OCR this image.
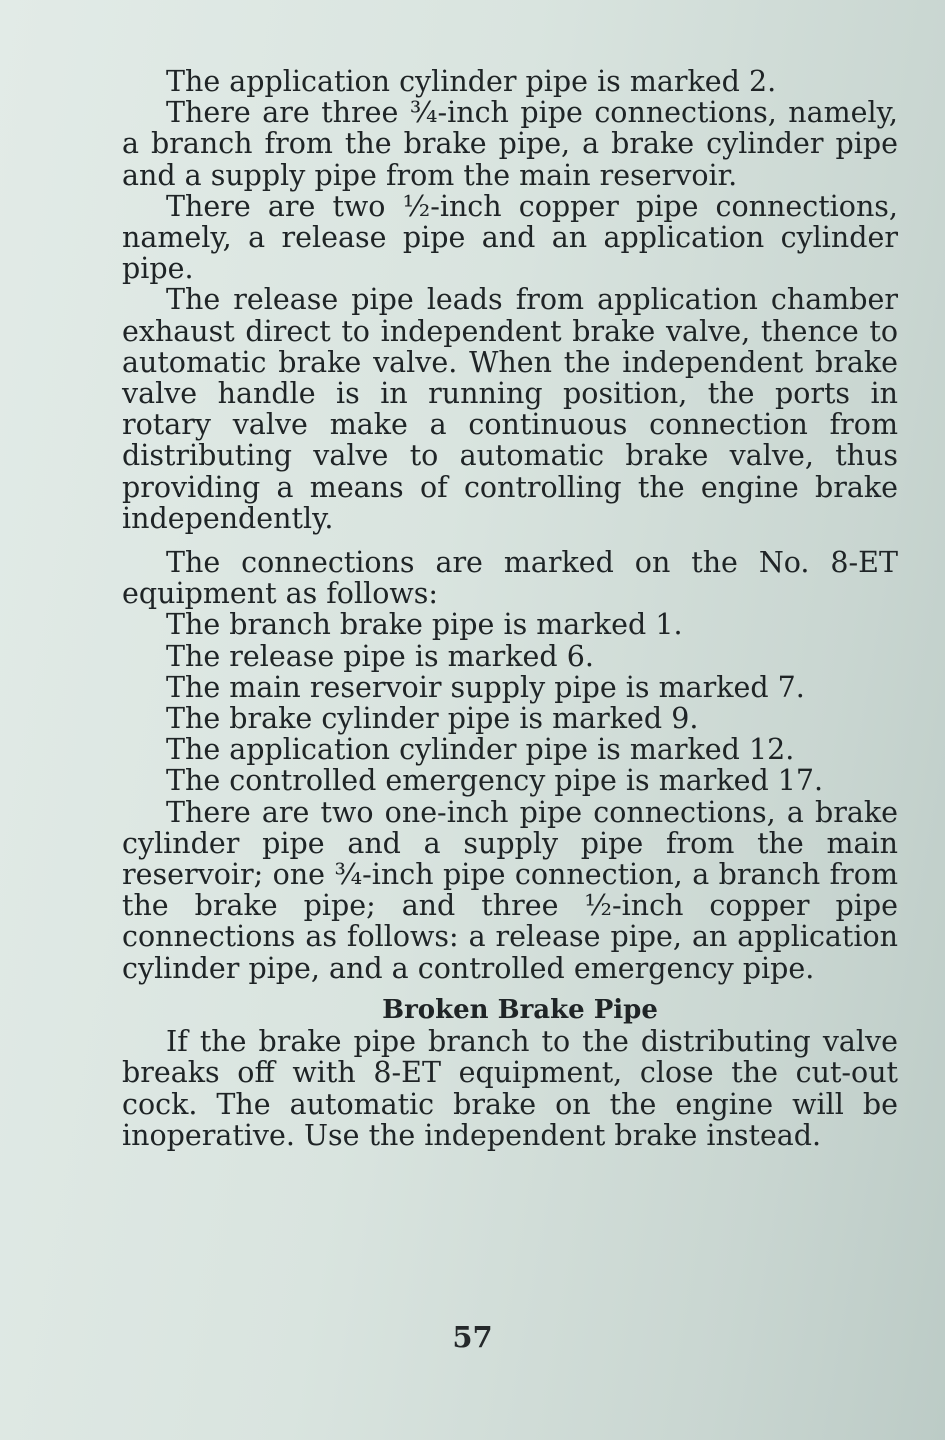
The application cylinder pipe is marked 2.

There are three ¾-inch pipe connections, namely, a branch from the brake pipe, a brake cylinder pipe and a supply pipe from the main reservoir.

There are two ½-inch copper pipe connections, namely, a release pipe and an application cylinder pipe.

The release pipe leads from application chamber exhaust direct to independent brake valve, thence to automatic brake valve. When the independent brake valve handle is in running position, the ports in rotary valve make a continuous connection from distributing valve to automatic brake valve, thus providing a means of controlling the engine brake independently.

The connections are marked on the No. 8-ET equipment as follows:

The branch brake pipe is marked 1.

The release pipe is marked 6.

The main reservoir supply pipe is marked 7.

The brake cylinder pipe is marked 9.

The application cylinder pipe is marked 12.

The controlled emergency pipe is marked 17.

There are two one-inch pipe connections, a brake cylinder pipe and a supply pipe from the main reservoir; one ¾-inch pipe connection, a branch from the brake pipe; and three ½-inch copper pipe connections as follows: a release pipe, an application cylinder pipe, and a controlled emergency pipe.

Broken Brake Pipe

If the brake pipe branch to the distributing valve breaks off with 8-ET equipment, close the cut-out cock. The automatic brake on the engine will be inoperative. Use the independent brake instead.

57
